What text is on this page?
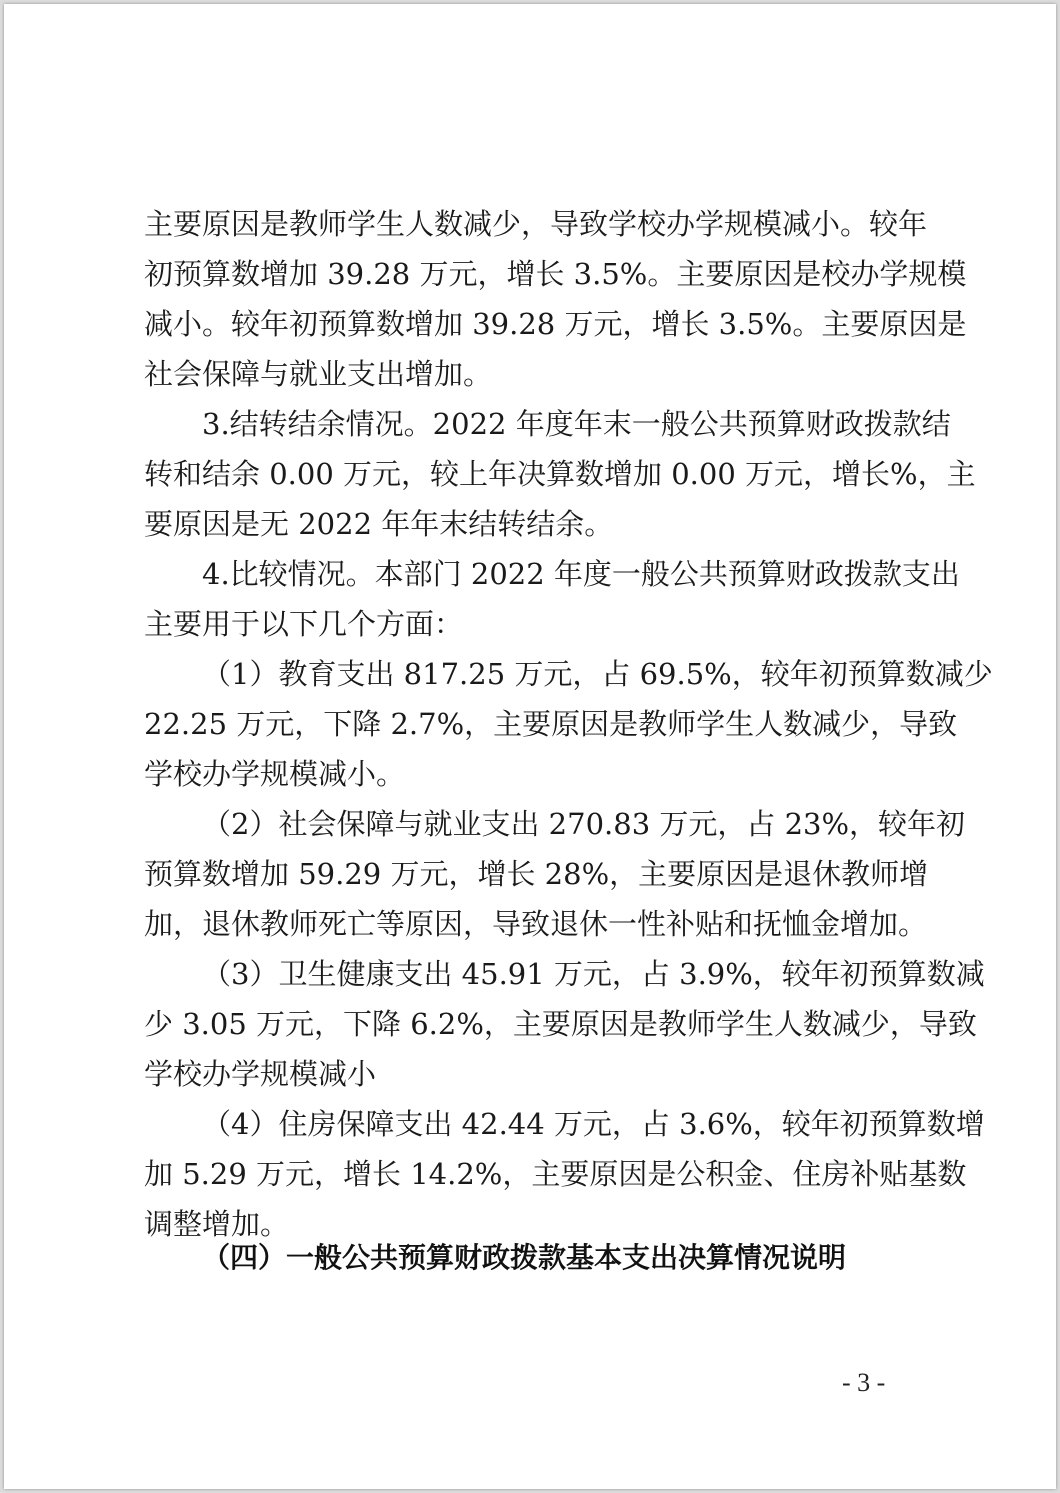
主要原因是教师学生人数减少，导致学校办学规模减小。较年
初预算数增加 39.28 万元，增长 3.5%。主要原因是校办学规模
减小。较年初预算数增加 39.28 万元，增长 3.5%。主要原因是
社会保障与就业支出增加。
3.结转结余情况。2022 年度年末一般公共预算财政拨款结
转和结余 0.00 万元，较上年决算数增加 0.00 万元，增长%，主
要原因是无 2022 年年末结转结余。
4.比较情况。本部门 2022 年度一般公共预算财政拨款支出
主要用于以下几个方面：
（1）教育支出 817.25 万元，占 69.5%，较年初预算数减少
22.25 万元，下降 2.7%，主要原因是教师学生人数减少，导致
学校办学规模减小。
（2）社会保障与就业支出 270.83 万元，占 23%，较年初
预算数增加 59.29 万元，增长 28%，主要原因是退休教师增
加，退休教师死亡等原因，导致退休一性补贴和抚恤金增加。
（3）卫生健康支出 45.91 万元，占 3.9%，较年初预算数减
少 3.05 万元，下降 6.2%，主要原因是教师学生人数减少，导致
学校办学规模减小
（4）住房保障支出 42.44 万元，占 3.6%，较年初预算数增
加 5.29 万元，增长 14.2%，主要原因是公积金、住房补贴基数
调整增加。
（四）一般公共预算财政拨款基本支出决算情况说明
- 3 -
